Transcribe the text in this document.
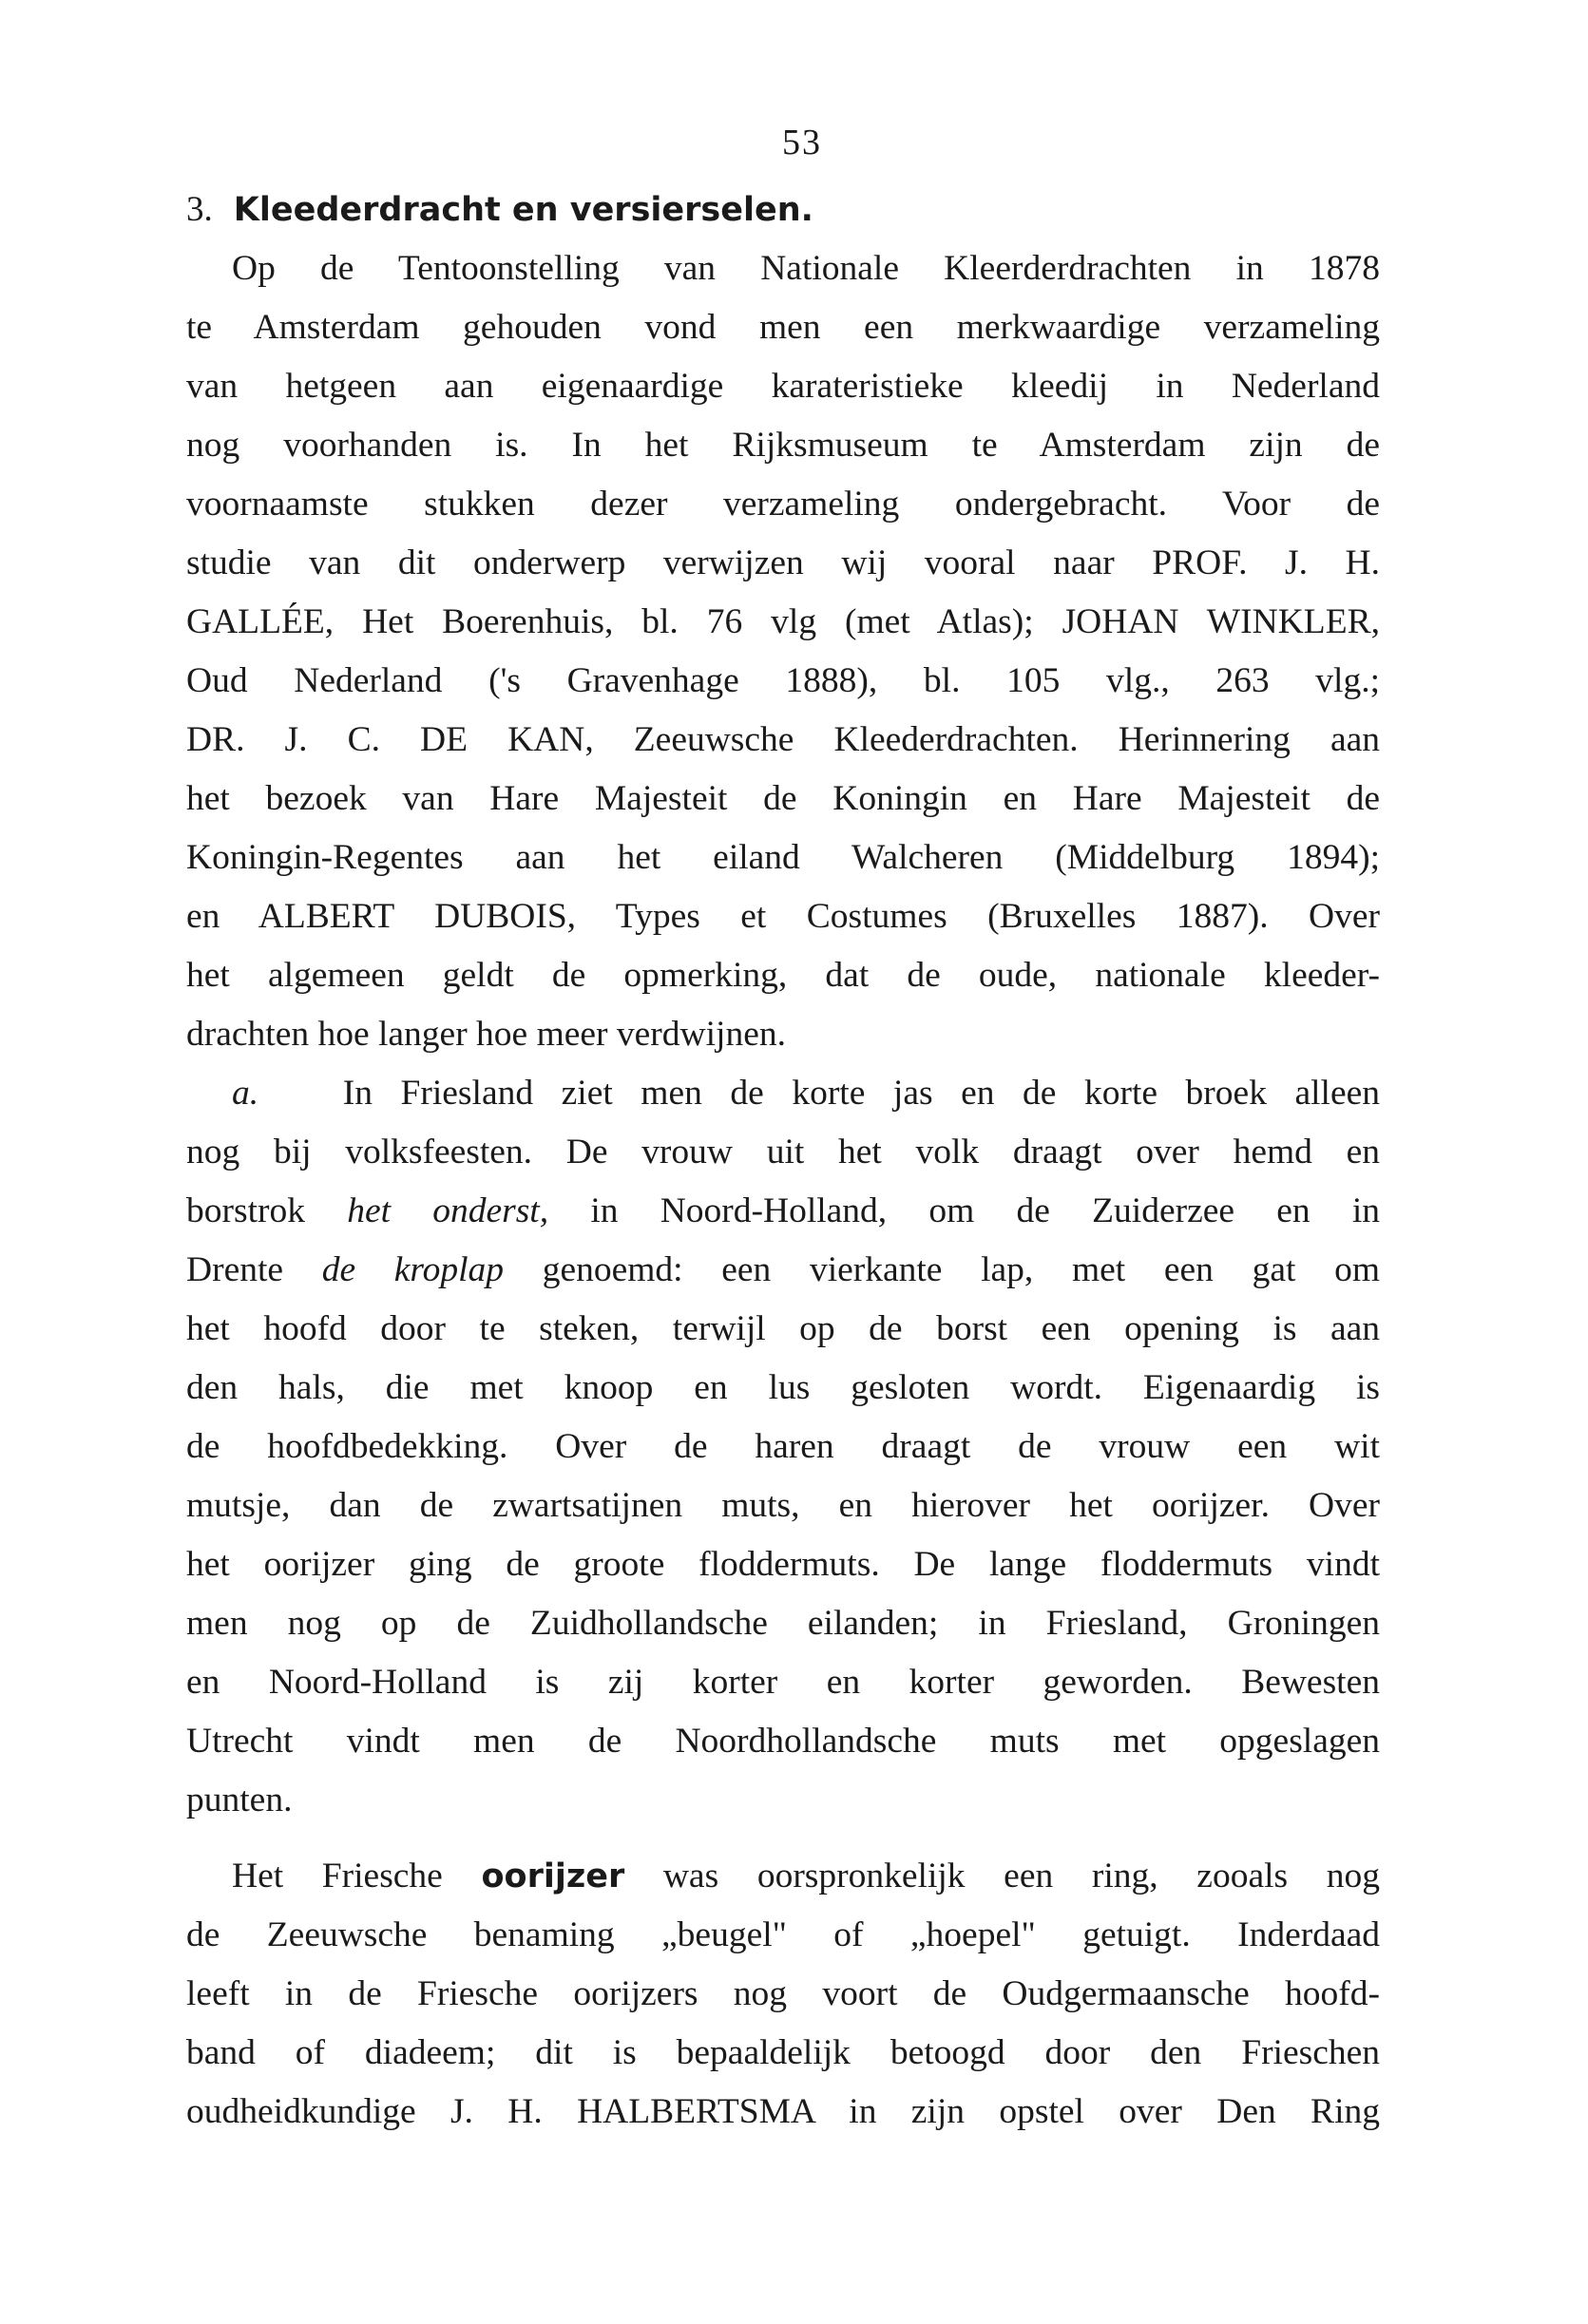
53
3. Kleederdracht en versierselen.
Op de Tentoonstelling van Nationale Kleerderdrachten in 1878
te Amsterdam gehouden vond men een merkwaardige verzameling
van hetgeen aan eigenaardige karateristieke kleedij in Nederland
nog voorhanden is. In het Rijksmuseum te Amsterdam zijn de
voornaamste stukken dezer verzameling ondergebracht. Voor de
studie van dit onderwerp verwijzen wij vooral naar PROF. J. H.
GALLÉE, Het Boerenhuis, bl. 76 vlg (met Atlas); JOHAN WINKLER,
Oud Nederland ('s Gravenhage 1888), bl. 105 vlg., 263 vlg.;
DR. J. C. DE KAN, Zeeuwsche Kleederdrachten. Herinnering aan
het bezoek van Hare Majesteit de Koningin en Hare Majesteit de
Koningin-Regentes aan het eiland Walcheren (Middelburg 1894);
en ALBERT DUBOIS, Types et Costumes (Bruxelles 1887). Over
het algemeen geldt de opmerking, dat de oude, nationale kleeder-
drachten hoe langer hoe meer verdwijnen.
a. In Friesland ziet men de korte jas en de korte broek alleen
nog bij volksfeesten. De vrouw uit het volk draagt over hemd en
borstrok het onderst, in Noord-Holland, om de Zuiderzee en in
Drente de kroplap genoemd: een vierkante lap, met een gat om
het hoofd door te steken, terwijl op de borst een opening is aan
den hals, die met knoop en lus gesloten wordt. Eigenaardig is
de hoofdbedekking. Over de haren draagt de vrouw een wit
mutsje, dan de zwartsatijnen muts, en hierover het oorijzer. Over
het oorijzer ging de groote floddermuts. De lange floddermuts vindt
men nog op de Zuidhollandsche eilanden; in Friesland, Groningen
en Noord-Holland is zij korter en korter geworden. Bewesten
Utrecht vindt men de Noordhollandsche muts met opgeslagen
punten.
Het Friesche oorijzer was oorspronkelijk een ring, zooals nog
de Zeeuwsche benaming „beugel" of „hoepel" getuigt. Inderdaad
leeft in de Friesche oorijzers nog voort de Oudgermaansche hoofd-
band of diadeem; dit is bepaaldelijk betoogd door den Frieschen
oudheidkundige J. H. HALBERTSMA in zijn opstel over Den Ring
